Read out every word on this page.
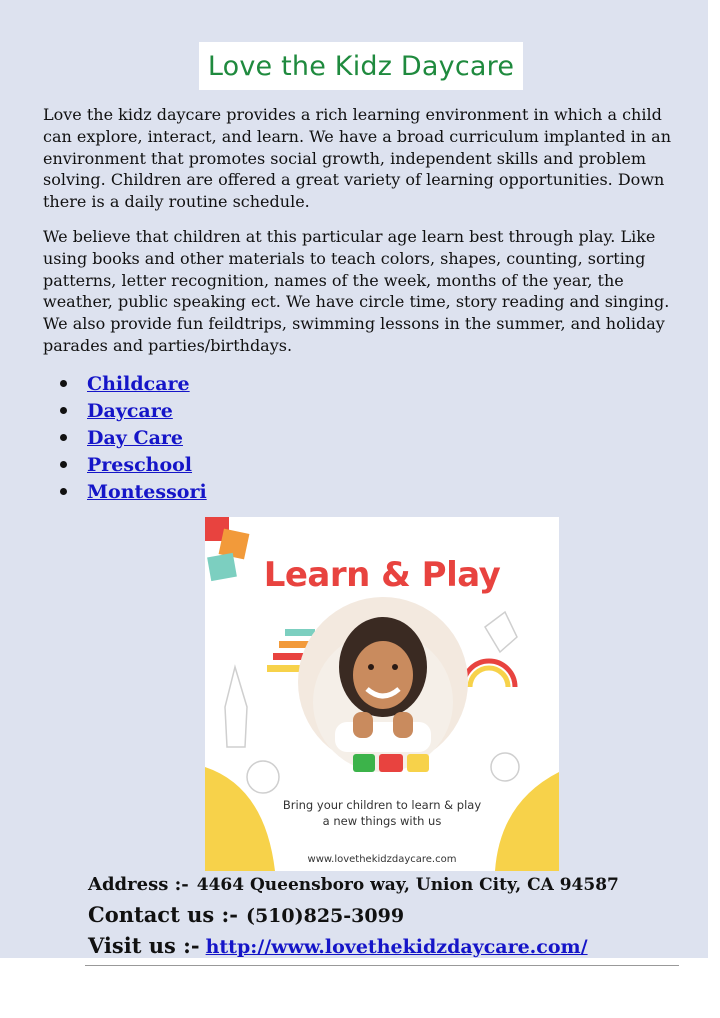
Love the Kidz Daycare

Love the kidz daycare provides a rich learning environment in which a child can explore, interact, and learn. We have a broad curriculum implanted in an environment that promotes social growth, independent skills and problem solving. Children are offered a great variety of learning opportunities. Down there is a daily routine schedule.

We believe that children at this particular age learn best through play. Like using books and other materials to teach colors, shapes, counting, sorting patterns, letter recognition, names of the week, months of the year, the weather, public speaking ect. We have circle time, story reading and singing. We also provide fun feildtrips, swimming lessons in the summer, and holiday parades and parties/birthdays.

Childcare
Daycare
Day Care
Preschool
Montessori
Learn & Play
Bring your children to learn & play a new things with us
www.lovethekidzdaycare.com
Address :- 4464 Queensboro way, Union City, CA 94587
Contact us :- (510)825-3099
Visit us :- http://www.lovethekidzdaycare.com/
